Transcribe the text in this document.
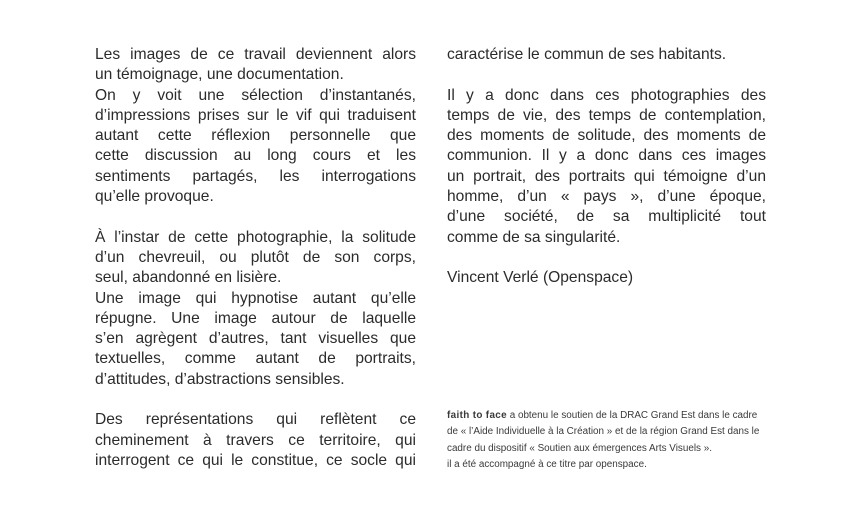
Les images de ce travail deviennent alors
un témoignage, une documentation.
On y voit une sélection d’instantanés,
d’impressions prises sur le vif qui traduisent
autant cette réflexion personnelle que
cette discussion au long cours et les
sentiments partagés, les interrogations
qu’elle provoque.
À l’instar de cette photographie, la solitude
d’un chevreuil, ou plutôt de son corps,
seul, abandonné en lisière.
Une image qui hypnotise autant qu’elle
répugne. Une image autour de laquelle
s’en agrègent d’autres, tant visuelles que
textuelles, comme autant de portraits,
d’attitudes, d’abstractions sensibles.
Des représentations qui reflètent ce
cheminement à travers ce territoire, qui
interrogent ce qui le constitue, ce socle qui
caractérise le commun de ses habitants.
Il y a donc dans ces photographies des
temps de vie, des temps de contemplation,
des moments de solitude, des moments de
communion. Il y a donc dans ces images
un portrait, des portraits qui témoigne d’un
homme, d’un « pays », d’une époque,
d’une société, de sa multiplicité tout
comme de sa singularité.
Vincent Verlé (Openspace)
faith to face a obtenu le soutien de la DRAC Grand Est dans le cadre
de « l’Aide Individuelle à la Création » et de la région Grand Est dans le
cadre du dispositif « Soutien aux émergences Arts Visuels ».
il a été accompagné à ce titre par openspace.
